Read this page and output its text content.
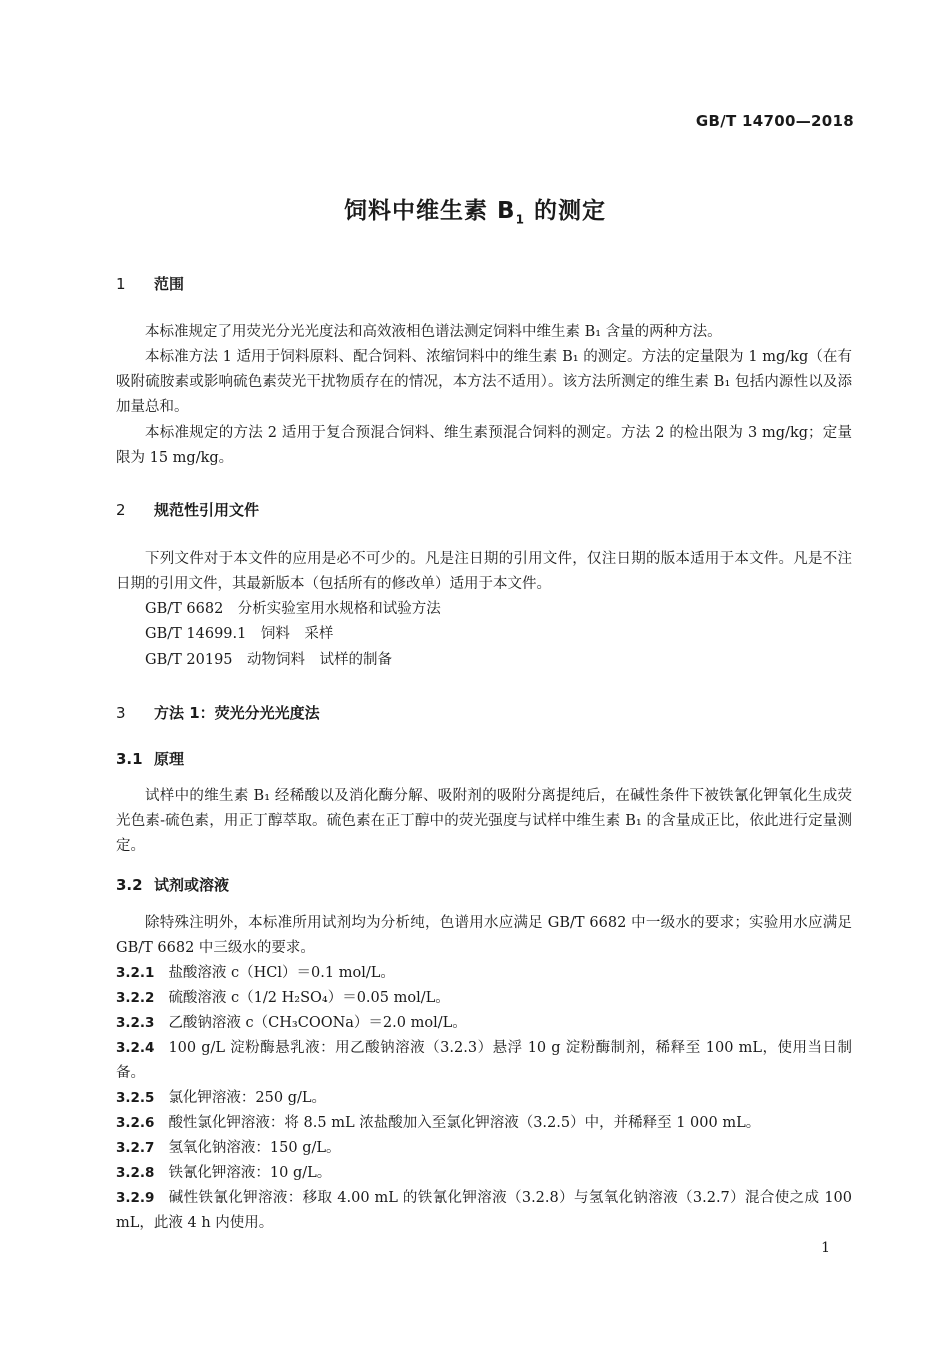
GB/T 14700—2018
饲料中维生素 $B_1$ 的测定
1 范围
本标准规定了用荧光分光光度法和高效液相色谱法测定饲料中维生素 B₁ 含量的两种方法。
本标准方法 1 适用于饲料原料、配合饲料、浓缩饲料中的维生素 B₁ 的测定。方法的定量限为 1 mg/kg（在有吸附硫胺素或影响硫色素荧光干扰物质存在的情况，本方法不适用）。该方法所测定的维生素 B₁ 包括内源性以及添加量总和。
本标准规定的方法 2 适用于复合预混合饲料、维生素预混合饲料的测定。方法 2 的检出限为 3 mg/kg；定量限为 15 mg/kg。
2 规范性引用文件
下列文件对于本文件的应用是必不可少的。凡是注日期的引用文件，仅注日期的版本适用于本文件。凡是不注日期的引用文件，其最新版本（包括所有的修改单）适用于本文件。
GB/T 6682　分析实验室用水规格和试验方法
GB/T 14699.1　饲料　采样
GB/T 20195　动物饲料　试样的制备
3 方法 1：荧光分光光度法
3.1 原理
试样中的维生素 B₁ 经稀酸以及消化酶分解、吸附剂的吸附分离提纯后，在碱性条件下被铁氰化钾氧化生成荧光色素-硫色素，用正丁醇萃取。硫色素在正丁醇中的荧光强度与试样中维生素 B₁ 的含量成正比，依此进行定量测定。
3.2 试剂或溶液
除特殊注明外，本标准所用试剂均为分析纯，色谱用水应满足 GB/T 6682 中一级水的要求；实验用水应满足 GB/T 6682 中三级水的要求。
3.2.1 盐酸溶液 c（HCl）＝0.1 mol/L。
3.2.2 硫酸溶液 c（1/2 H₂SO₄）＝0.05 mol/L。
3.2.3 乙酸钠溶液 c（CH₃COONa）＝2.0 mol/L。
3.2.4 100 g/L 淀粉酶悬乳液：用乙酸钠溶液（3.2.3）悬浮 10 g 淀粉酶制剂，稀释至 100 mL，使用当日制备。
3.2.5 氯化钾溶液：250 g/L。
3.2.6 酸性氯化钾溶液：将 8.5 mL 浓盐酸加入至氯化钾溶液（3.2.5）中，并稀释至 1 000 mL。
3.2.7 氢氧化钠溶液：150 g/L。
3.2.8 铁氰化钾溶液：10 g/L。
3.2.9 碱性铁氰化钾溶液：移取 4.00 mL 的铁氰化钾溶液（3.2.8）与氢氧化钠溶液（3.2.7）混合使之成 100 mL，此液 4 h 内使用。
1
